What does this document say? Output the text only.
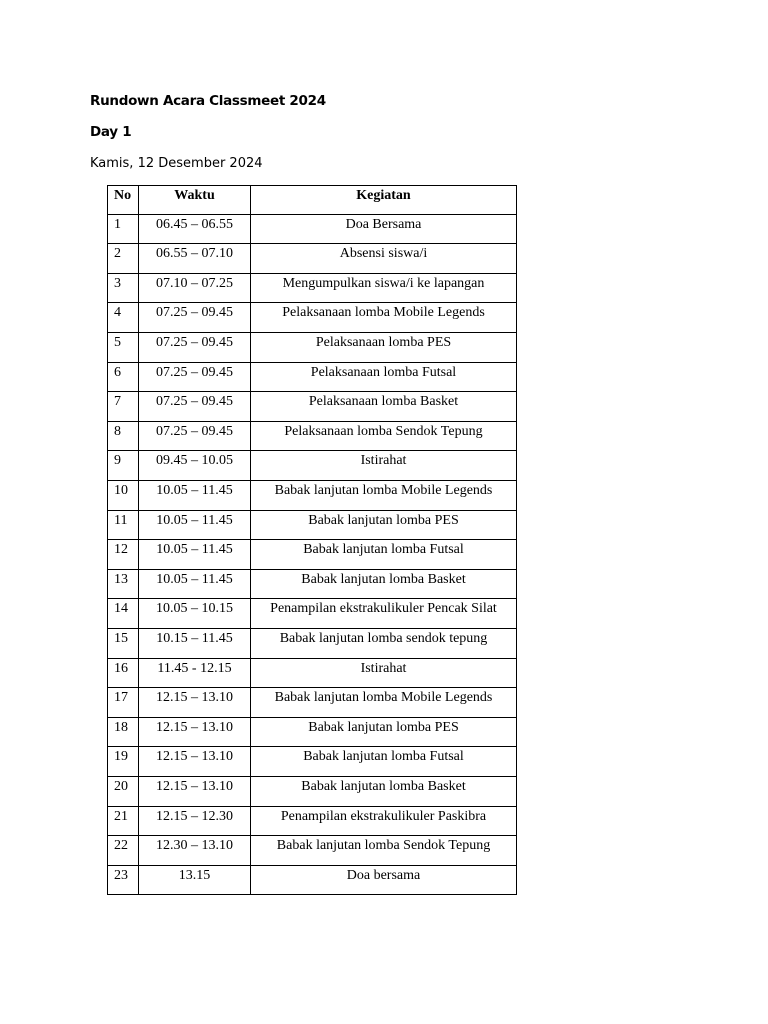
Rundown Acara Classmeet 2024
Day 1
Kamis, 12 Desember 2024
No	Waktu	Kegiatan
1	06.45 – 06.55	Doa Bersama
2	06.55 – 07.10	Absensi siswa/i
3	07.10 – 07.25	Mengumpulkan siswa/i ke lapangan
4	07.25 – 09.45	Pelaksanaan lomba Mobile Legends
5	07.25 – 09.45	Pelaksanaan lomba PES
6	07.25 – 09.45	Pelaksanaan lomba Futsal
7	07.25 – 09.45	Pelaksanaan lomba Basket
8	07.25 – 09.45	Pelaksanaan lomba Sendok Tepung
9	09.45 – 10.05	Istirahat
10	10.05 – 11.45	Babak lanjutan lomba Mobile Legends
11	10.05 – 11.45	Babak lanjutan lomba PES
12	10.05 – 11.45	Babak lanjutan lomba Futsal
13	10.05 – 11.45	Babak lanjutan lomba Basket
14	10.05 – 10.15	Penampilan ekstrakulikuler Pencak Silat
15	10.15 – 11.45	Babak lanjutan lomba sendok tepung
16	11.45 - 12.15	Istirahat
17	12.15 – 13.10	Babak lanjutan lomba Mobile Legends
18	12.15 – 13.10	Babak lanjutan lomba PES
19	12.15 – 13.10	Babak lanjutan lomba Futsal
20	12.15 – 13.10	Babak lanjutan lomba Basket
21	12.15 – 12.30	Penampilan ekstrakulikuler Paskibra
22	12.30 – 13.10	Babak lanjutan lomba Sendok Tepung
23	13.15	Doa bersama
